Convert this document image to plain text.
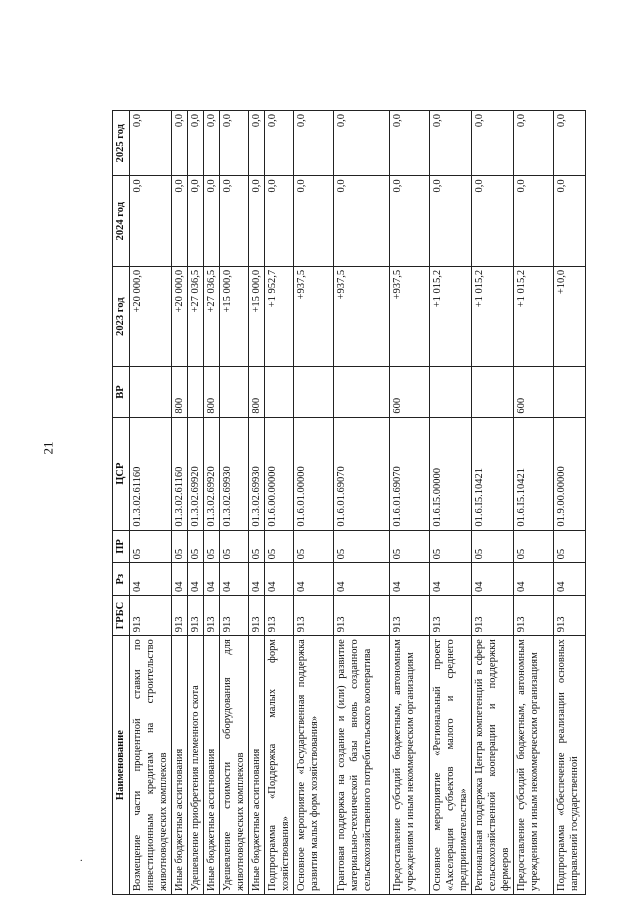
21
.
Наименование	ГРБС	Рз	ПР	ЦСР	ВР	2023 год	2024 год	2025 год
Возмещение части процентной ставки по инвестиционным кредитам на строительство животноводческих комплексов	913	04	05	01.3.02.61160		+20 000,0	0,0	0,0
Иные бюджетные ассигнования	913	04	05	01.3.02.61160	800	+20 000,0	0,0	0,0
Удешевление приобретения племенного скота	913	04	05	01.3.02.69920		+27 036,5	0,0	0,0
Иные бюджетные ассигнования	913	04	05	01.3.02.69920	800	+27 036,5	0,0	0,0
Удешевление стоимости оборудования для животноводческих комплексов	913	04	05	01.3.02.69930		+15 000,0	0,0	0,0
Иные бюджетные ассигнования	913	04	05	01.3.02.69930	800	+15 000,0	0,0	0,0
Подпрограмма «Поддержка малых форм хозяйствования»	913	04	05	01.6.00.00000		+1 952,7	0,0	0,0
Основное мероприятие «Государственная поддержка развития малых форм хозяйствования»	913	04	05	01.6.01.00000		+937,5	0,0	0,0
Грантовая поддержка на создание и (или) развитие материально-технической базы вновь созданного сельскохозяйственного потребительского кооператива	913	04	05	01.6.01.69070		+937,5	0,0	0,0
Предоставление субсидий бюджетным, автономным учреждениям и иным некоммерческим организациям	913	04	05	01.6.01.69070	600	+937,5	0,0	0,0
Основное мероприятие «Региональный проект «Акселерация субъектов малого и среднего предпринимательства»	913	04	05	01.6.I5.00000		+1 015,2	0,0	0,0
Региональная поддержка Центра компетенций в сфере сельскохозяйственной кооперации и поддержки фермеров	913	04	05	01.6.I5.10421		+1 015,2	0,0	0,0
Предоставление субсидий бюджетным, автономным учреждениям и иным некоммерческим организациям	913	04	05	01.6.I5.10421	600	+1 015,2	0,0	0,0
Подпрограмма «Обеспечение реализации основных направлений государственной	913	04	05	01.9.00.00000		+10,0	0,0	0,0
